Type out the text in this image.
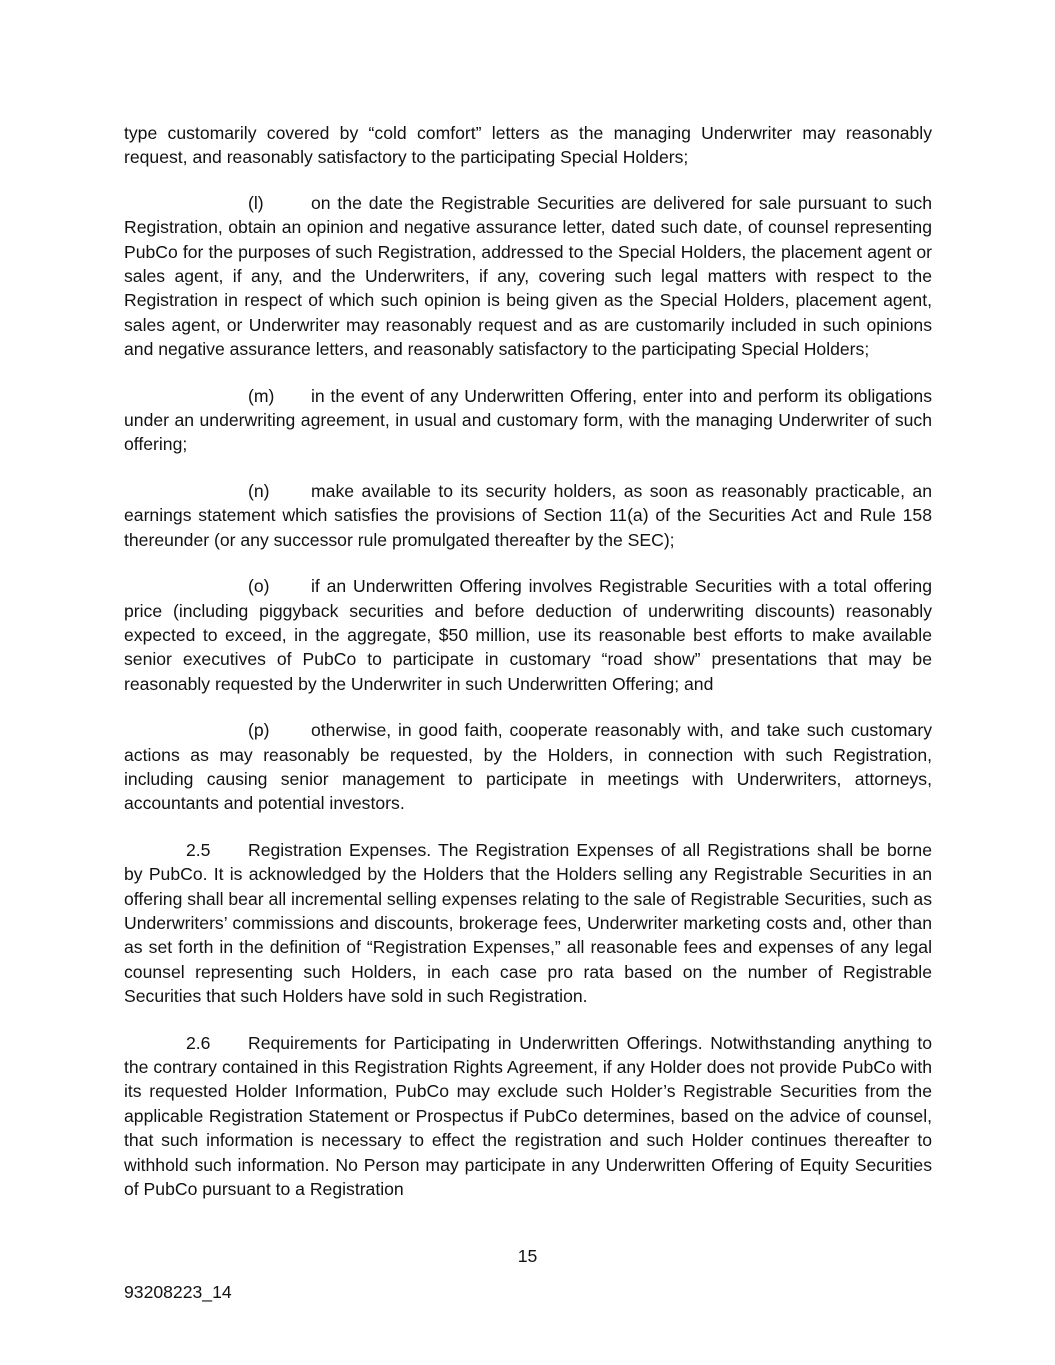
type customarily covered by “cold comfort” letters as the managing Underwriter may reasonably request, and reasonably satisfactory to the participating Special Holders;

(l)	on the date the Registrable Securities are delivered for sale pursuant to such Registration, obtain an opinion and negative assurance letter, dated such date, of counsel representing PubCo for the purposes of such Registration, addressed to the Special Holders, the placement agent or sales agent, if any, and the Underwriters, if any, covering such legal matters with respect to the Registration in respect of which such opinion is being given as the Special Holders, placement agent, sales agent, or Underwriter may reasonably request and as are customarily included in such opinions and negative assurance letters, and reasonably satisfactory to the participating Special Holders;

(m) in the event of any Underwritten Offering, enter into and perform its obligations under an underwriting agreement, in usual and customary form, with the managing Underwriter of such offering;

(n) make available to its security holders, as soon as reasonably practicable, an earnings statement which satisfies the provisions of Section 11(a) of the Securities Act and Rule 158 thereunder (or any successor rule promulgated thereafter by the SEC);

(o) if an Underwritten Offering involves Registrable Securities with a total offering price (including piggyback securities and before deduction of underwriting discounts) reasonably expected to exceed, in the aggregate, $50 million, use its reasonable best efforts to make available senior executives of PubCo to participate in customary “road show” presentations that may be reasonably requested by the Underwriter in such Underwritten Offering; and

(p) otherwise, in good faith, cooperate reasonably with, and take such customary actions as may reasonably be requested, by the Holders, in connection with such Registration, including causing senior management to participate in meetings with Underwriters, attorneys, accountants and potential investors.

2.5 Registration Expenses. The Registration Expenses of all Registrations shall be borne by PubCo. It is acknowledged by the Holders that the Holders selling any Registrable Securities in an offering shall bear all incremental selling expenses relating to the sale of Registrable Securities, such as Underwriters’ commissions and discounts, brokerage fees, Underwriter marketing costs and, other than as set forth in the definition of “Registration Expenses,” all reasonable fees and expenses of any legal counsel representing such Holders, in each case pro rata based on the number of Registrable Securities that such Holders have sold in such Registration.

2.6 Requirements for Participating in Underwritten Offerings. Notwithstanding anything to the contrary contained in this Registration Rights Agreement, if any Holder does not provide PubCo with its requested Holder Information, PubCo may exclude such Holder’s Registrable Securities from the applicable Registration Statement or Prospectus if PubCo determines, based on the advice of counsel, that such information is necessary to effect the registration and such Holder continues thereafter to withhold such information. No Person may participate in any Underwritten Offering of Equity Securities of PubCo pursuant to a Registration

15
93208223_14
